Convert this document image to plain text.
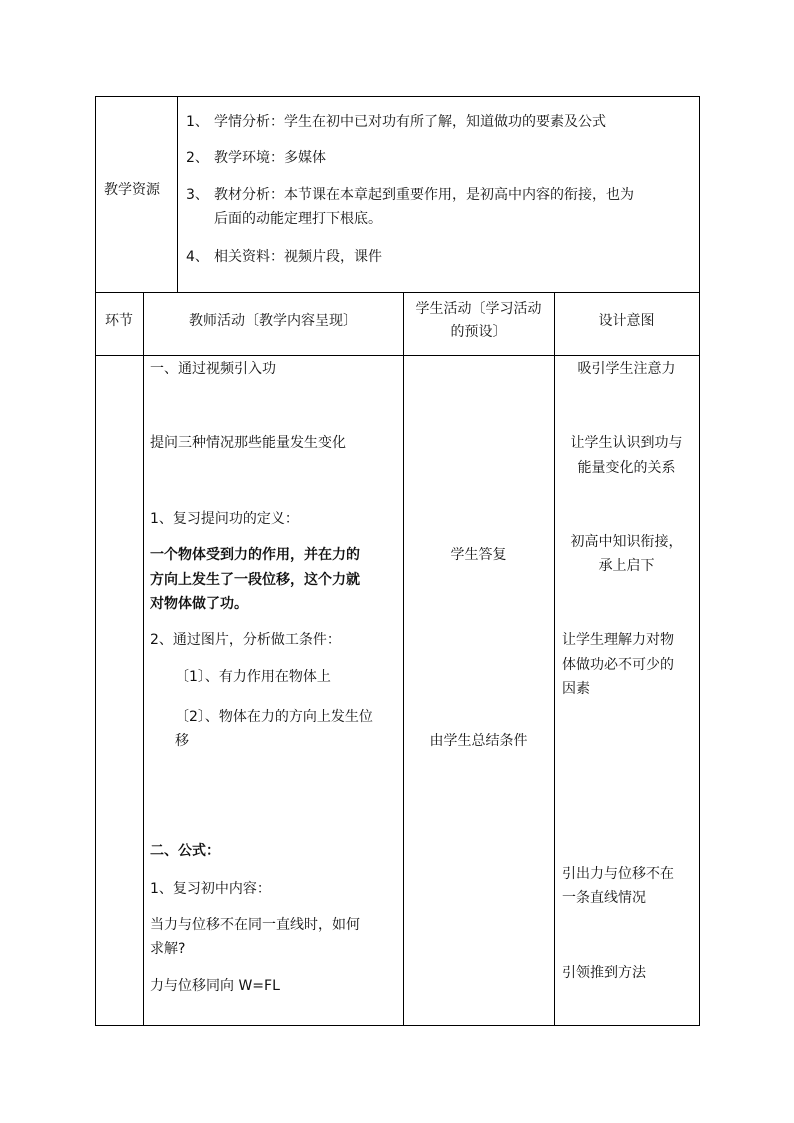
教学资源
1、 学情分析：学生在初中已对功有所了解，知道做功的要素及公式
2、 教学环境：多媒体
3、 教材分析：本节课在本章起到重要作用，是初高中内容的衔接，也为
后面的动能定理打下根底。
4、 相关资料：视频片段，课件
环节	教师活动〔教学内容呈现〕
学生活动〔学习活动
的预设〕
设计意图
一、通过视频引入功
提问三种情况那些能量发生变化
1、复习提问功的定义：
一个物体受到力的作用，并在力的
方向上发生了一段位移，这个力就
对物体做了功。
2、通过图片，分析做工条件：
〔1〕、有力作用在物体上
〔2〕、物体在力的方向上发生位
移
二、公式：
1、复习初中内容：
当力与位移不在同一直线时，如何
求解?
力与位移同向 W=FL
学生答复
由学生总结条件
吸引学生注意力
让学生认识到功与
能量变化的关系
初高中知识衔接，
承上启下
让学生理解力对物
体做功必不可少的
因素
引出力与位移不在
一条直线情况
引领推到方法
